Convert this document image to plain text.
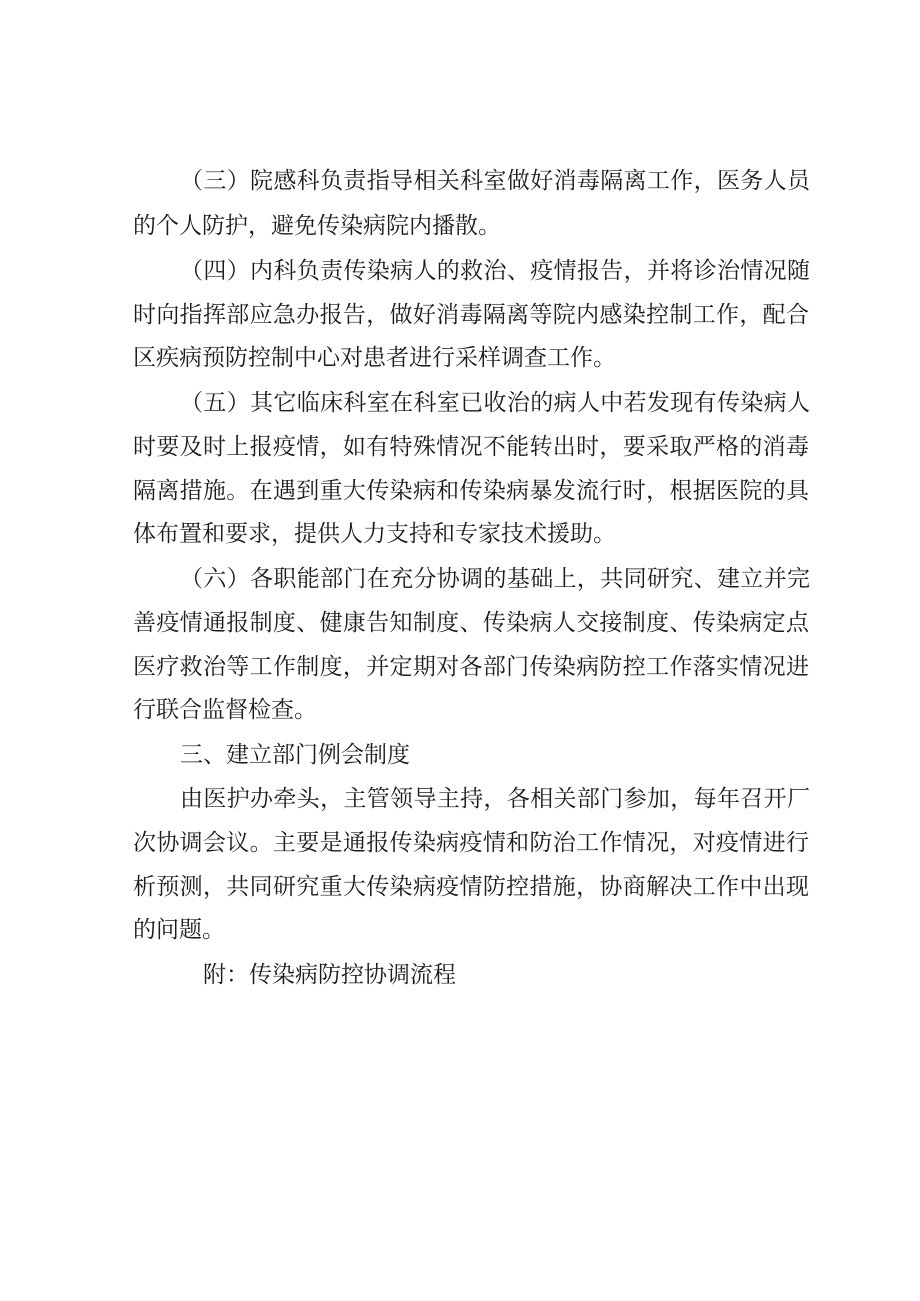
（三）院感科负责指导相关科室做好消毒隔离工作，医务人员
的个人防护，避免传染病院内播散。
（四）内科负责传染病人的救治、疫情报告，并将诊治情况随
时向指挥部应急办报告，做好消毒隔离等院内感染控制工作，配合
区疾病预防控制中心对患者进行采样调查工作。
（五）其它临床科室在科室已收治的病人中若发现有传染病人
时要及时上报疫情，如有特殊情况不能转出时，要采取严格的消毒
隔离措施。在遇到重大传染病和传染病暴发流行时，根据医院的具
体布置和要求，提供人力支持和专家技术援助。
（六）各职能部门在充分协调的基础上，共同研究、建立并完
善疫情通报制度、健康告知制度、传染病人交接制度、传染病定点
医疗救治等工作制度，并定期对各部门传染病防控工作落实情况进
行联合监督检查。
三、建立部门例会制度
由医护办牵头，主管领导主持，各相关部门参加，每年召开厂
次协调会议。主要是通报传染病疫情和防治工作情况，对疫情进行
析预测，共同研究重大传染病疫情防控措施，协商解决工作中出现
的问题。
附：传染病防控协调流程
